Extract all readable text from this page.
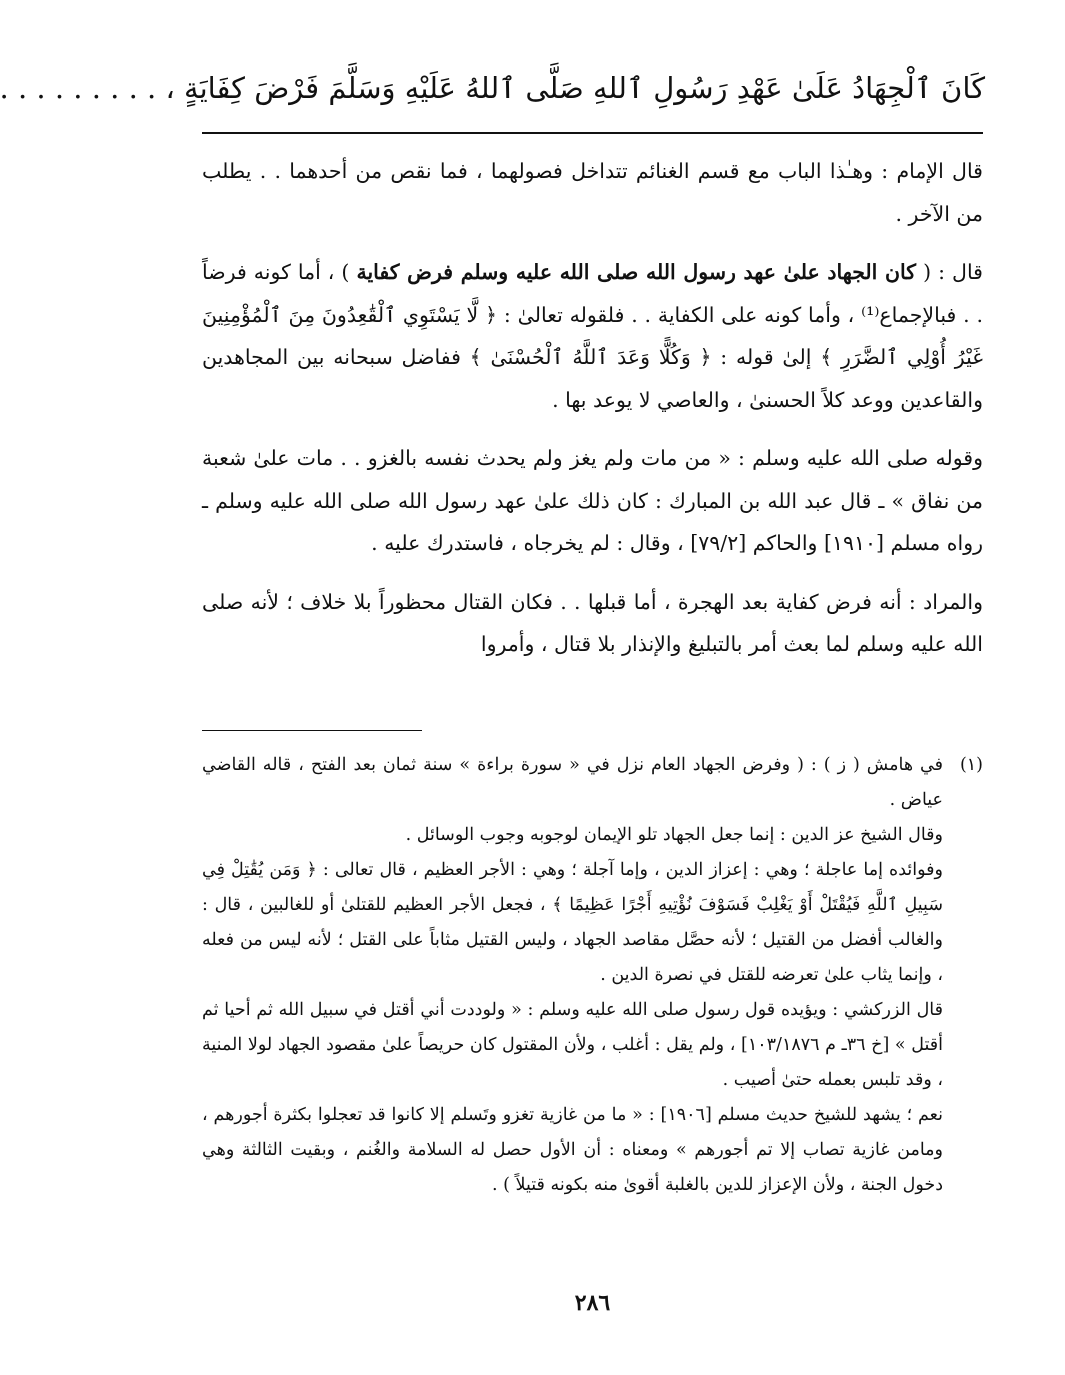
كَانَ ٱلْجِهَادُ عَلَىٰ عَهْدِ رَسُولِ ٱللهِ صَلَّى ٱللهُ عَلَيْهِ وَسَلَّمَ فَرْضَ كِفَايَةٍ ، . . . . . . . . .

قال الإمام : وهـٰذا الباب مع قسم الغنائم تتداخل فصولهما ، فما نقص من أحدهما . . يطلب من الآخر .

قال : ( كان الجهاد علىٰ عهد رسول الله صلى الله عليه وسلم فرض كفاية ) ، أما كونه فرضاً . . فبالإجماع⁽¹⁾ ، وأما كونه على الكفاية . . فلقوله تعالىٰ : ﴿ لَّا يَسْتَوِي ٱلْقَٰعِدُونَ مِنَ ٱلْمُؤْمِنِينَ غَيْرُ أُوْلِي ٱلضَّرَرِ ﴾ إلىٰ قوله : ﴿ وَكُلًّا وَعَدَ ٱللَّهُ ٱلْحُسْنَىٰ ﴾ ففاضل سبحانه بين المجاهدين والقاعدين ووعد كلاً الحسنىٰ ، والعاصي لا يوعد بها .

وقوله صلى الله عليه وسلم : « من مات ولم يغز ولم يحدث نفسه بالغزو . . مات علىٰ شعبة من نفاق » ـ قال عبد الله بن المبارك : كان ذلك علىٰ عهد رسول الله صلى الله عليه وسلم ـ رواه مسلم [١٩١٠] والحاكم [٧٩/٢] ، وقال : لم يخرجاه ، فاستدرك عليه .

والمراد : أنه فرض كفاية بعد الهجرة ، أما قبلها . . فكان القتال محظوراً بلا خلاف ؛ لأنه صلى الله عليه وسلم لما بعث أمر بالتبليغ والإنذار بلا قتال ، وأمروا

(١)

في هامش ( ز ) : ( وفرض الجهاد العام نزل في « سورة براءة » سنة ثمان بعد الفتح ، قاله القاضي عياض .

وقال الشيخ عز الدين : إنما جعل الجهاد تلو الإيمان لوجوبه وجوب الوسائل .

وفوائده إما عاجلة ؛ وهي : إعزاز الدين ، وإما آجلة ؛ وهي : الأجر العظيم ، قال تعالى : ﴿ وَمَن يُقَٰتِلْ فِي سَبِيلِ ٱللَّهِ فَيُقْتَلْ أَوْ يَغْلِبْ فَسَوْفَ نُؤْتِيهِ أَجْرًا عَظِيمًا ﴾ ، فجعل الأجر العظيم للقتلىٰ أو للغالبين ، قال : والغالب أفضل من القتيل ؛ لأنه حصَّل مقاصد الجهاد ، وليس القتيل مثاباً على القتل ؛ لأنه ليس من فعله ، وإنما يثاب علىٰ تعرضه للقتل في نصرة الدين .

قال الزركشي : ويؤيده قول رسول صلى الله عليه وسلم : « ولوددت أني أقتل في سبيل الله ثم أحيا ثم أقتل » [خ ٣٦ـ م ١٠٣/١٨٧٦] ، ولم يقل : أغلب ، ولأن المقتول كان حريصاً علىٰ مقصود الجهاد لولا المنية ، وقد تلبس بعمله حتىٰ أصيب .

نعم ؛ يشهد للشيخ حديث مسلم [١٩٠٦] : « ما من غازية تغزو وتَسلم إلا كانوا قد تعجلوا بكثرة أجورهم ، ومامن غازية تصاب إلا تم أجورهم » ومعناه : أن الأول حصل له السلامة والغُنم ، وبقيت الثالثة وهي دخول الجنة ، ولأن الإعزاز للدين بالغلبة أقوىٰ منه بكونه قتيلاً ) .

٢٨٦
